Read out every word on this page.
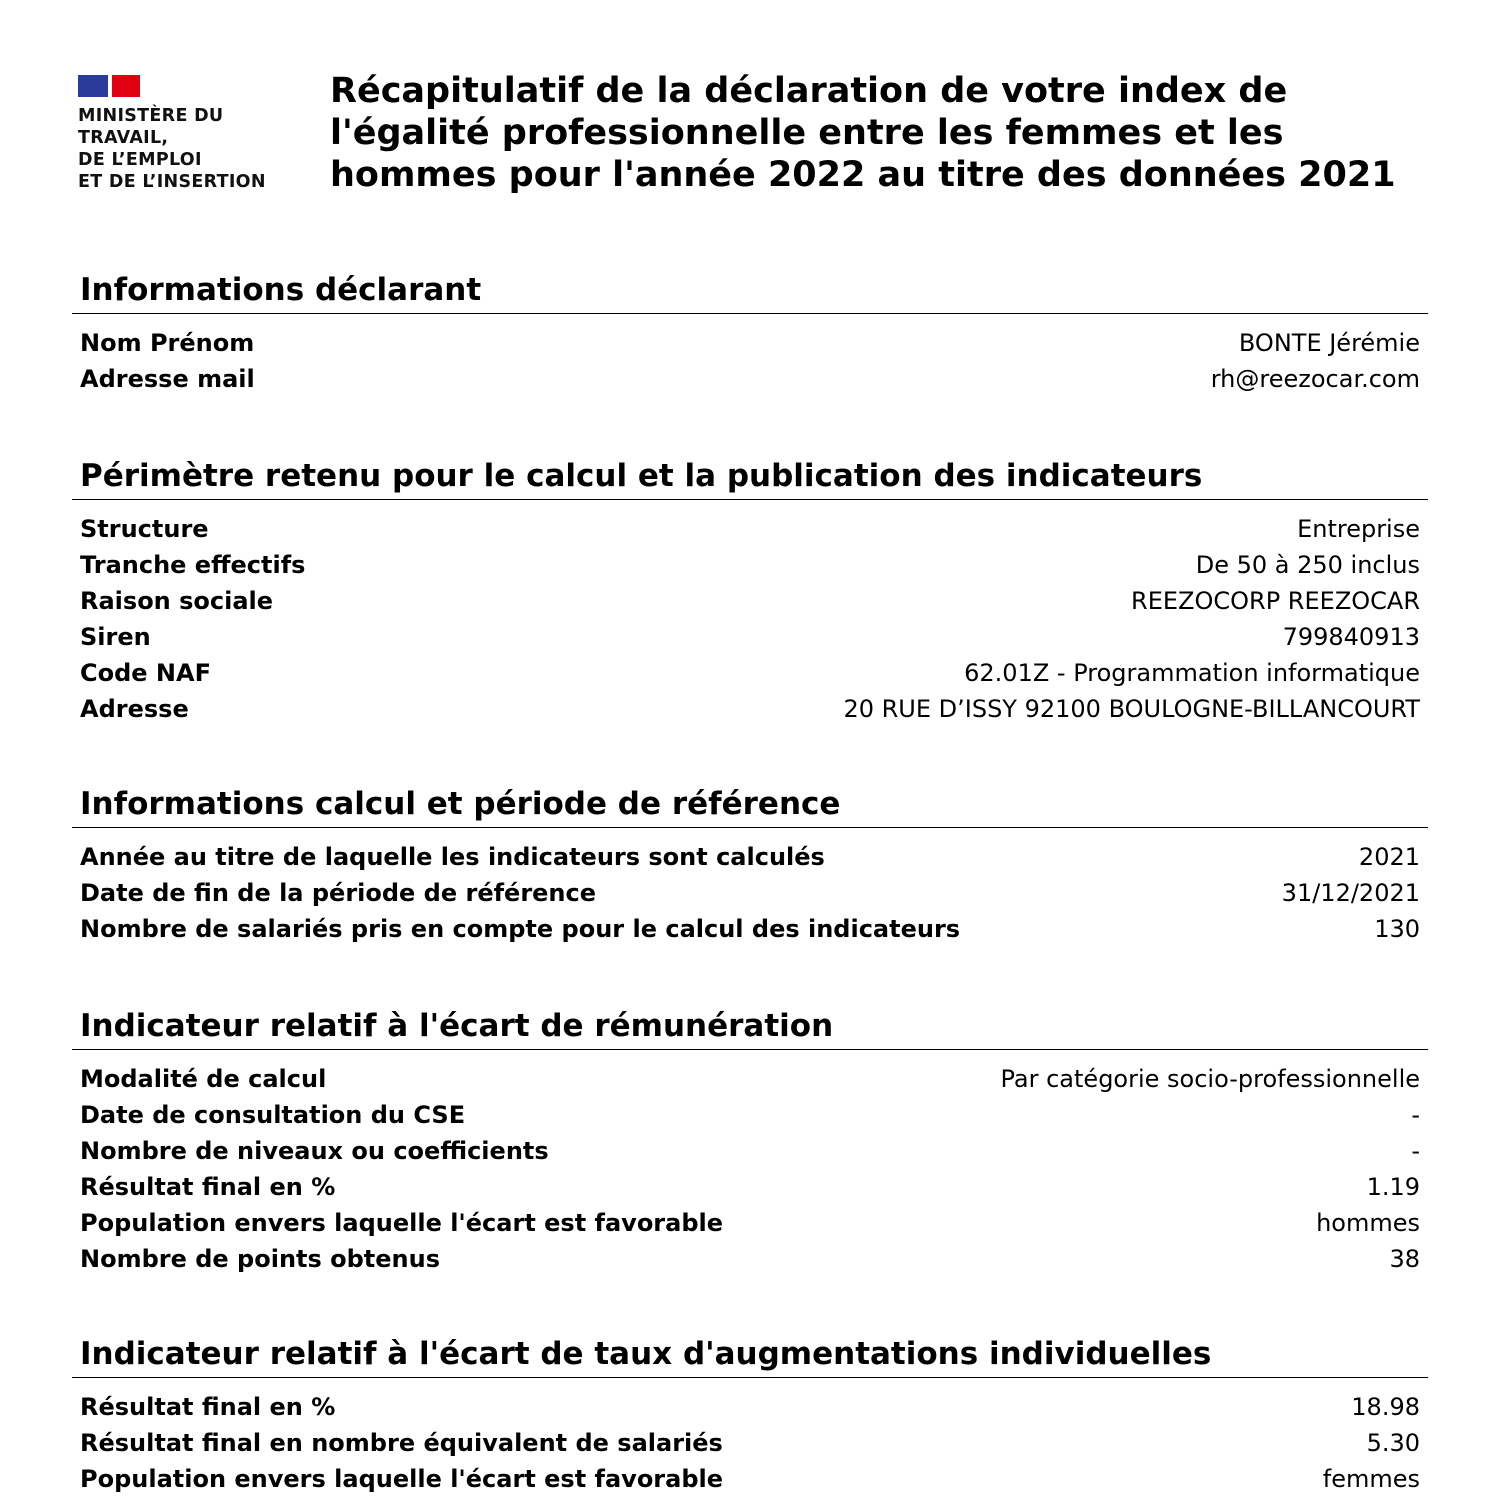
MINISTÈRE DU
TRAVAIL,
DE L’EMPLOI
ET DE L’INSERTION
Récapitulatif de la déclaration de votre index de l'égalité professionnelle entre les femmes et les hommes pour l'année 2022 au titre des données 2021
Informations déclarant
Nom Prénom	BONTE Jérémie
Adresse mail	rh@reezocar.com
Périmètre retenu pour le calcul et la publication des indicateurs
Structure	Entreprise
Tranche effectifs	De 50 à 250 inclus
Raison sociale	REEZOCORP REEZOCAR
Siren	799840913
Code NAF	62.01Z - Programmation informatique
Adresse	20 RUE D’ISSY 92100 BOULOGNE-BILLANCOURT
Informations calcul et période de référence
Année au titre de laquelle les indicateurs sont calculés	2021
Date de fin de la période de référence	31/12/2021
Nombre de salariés pris en compte pour le calcul des indicateurs	130
Indicateur relatif à l'écart de rémunération
Modalité de calcul	Par catégorie socio-professionnelle
Date de consultation du CSE	-
Nombre de niveaux ou coefficients	-
Résultat final en %	1.19
Population envers laquelle l'écart est favorable	hommes
Nombre de points obtenus	38
Indicateur relatif à l'écart de taux d'augmentations individuelles
Résultat final en %	18.98
Résultat final en nombre équivalent de salariés	5.30
Population envers laquelle l'écart est favorable	femmes
